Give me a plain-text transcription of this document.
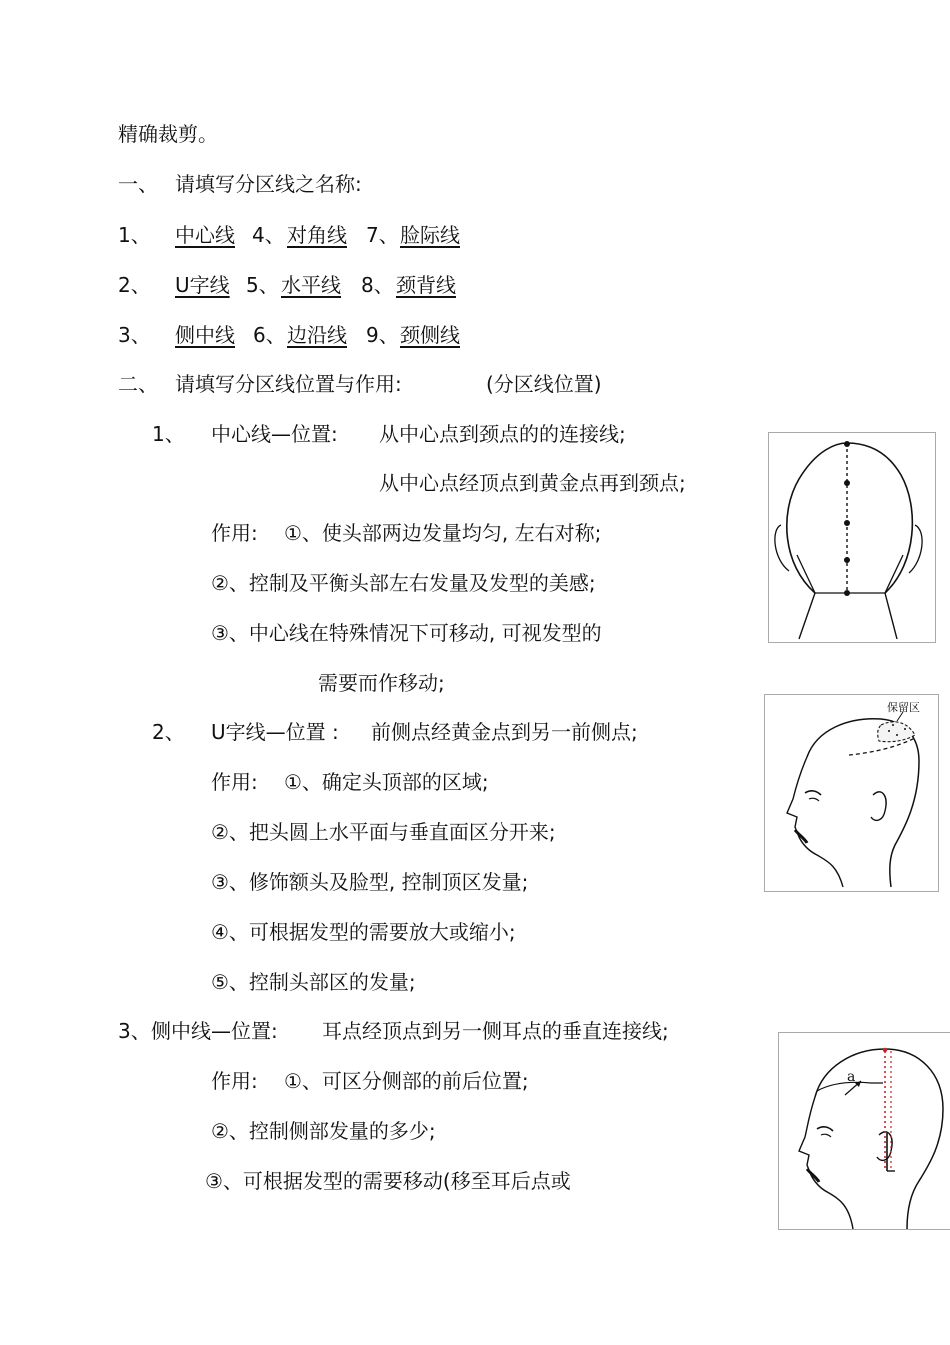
精确裁剪。
一、 请填写分区线之名称:
1、 中心线 4、 对角线 7、 脸际线
2、 U字线 5、 水平线	8、 颈背线
3、 侧中线 6、 边沿线 9、 颈侧线
二、 请填写分区线位置与作用:	(分区线位置)
1、 中心线—位置: 从中心点到颈点的的连接线;
从中心点经顶点到黄金点再到颈点;
作用: ①、使头部两边发量均匀, 左右对称;
②、控制及平衡头部左右发量及发型的美感;
③、中心线在特殊情况下可移动, 可视发型的
需要而作移动;
2、 U字线—位置 : 前侧点经黄金点到另一前侧点;
作用: ①、确定头顶部的区域;
②、把头圆上水平面与垂直面区分开来;
③、修饰额头及脸型, 控制顶区发量;
④、可根据发型的需要放大或缩小;
⑤、控制头部区的发量;
3、 侧中线—位置: 耳点经顶点到另一侧耳点的垂直连接线;
作用: ①、可区分侧部的前后位置;
②、控制侧部发量的多少;
③、可根据发型的需要移动(移至耳后点或
保留区
a
